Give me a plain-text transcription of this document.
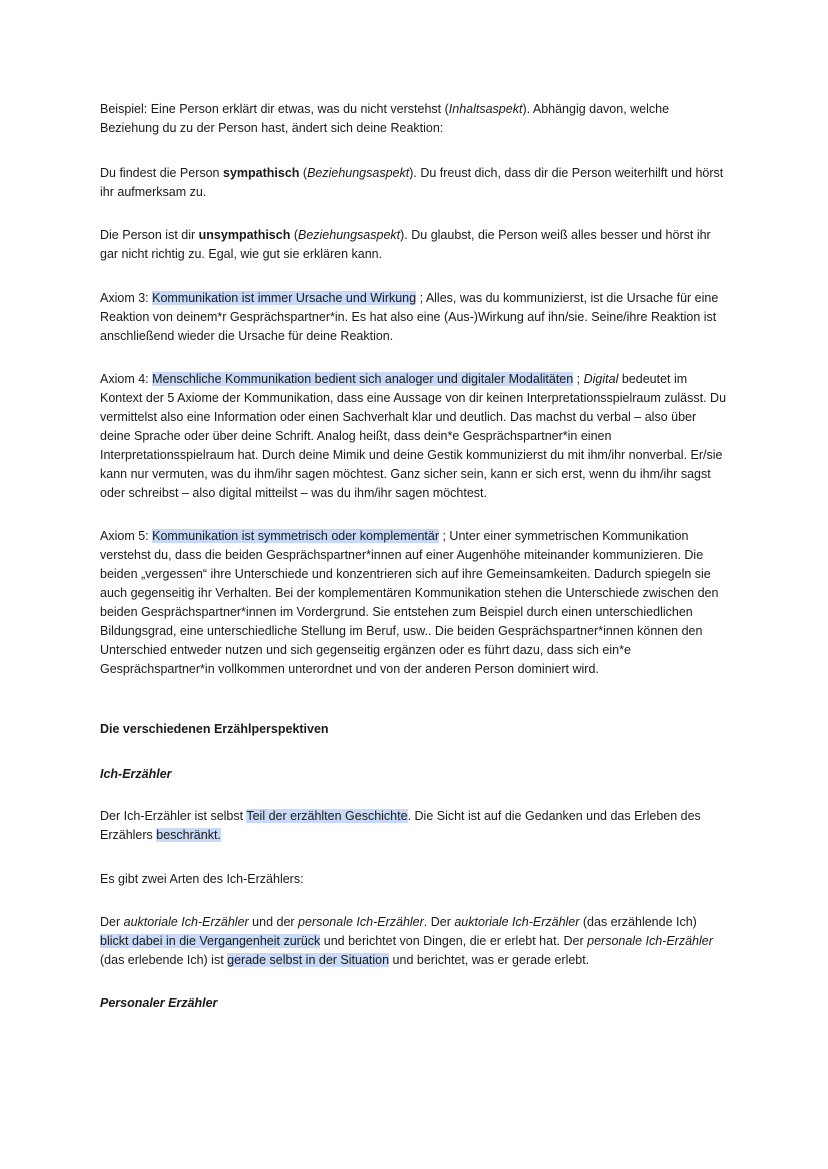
Beispiel: Eine Person erklärt dir etwas, was du nicht verstehst (Inhaltsaspekt). Abhängig davon, welche Beziehung du zu der Person hast, ändert sich deine Reaktion:

Du findest die Person sympathisch (Beziehungsaspekt). Du freust dich, dass dir die Person weiterhilft und hörst ihr aufmerksam zu.

Die Person ist dir unsympathisch (Beziehungsaspekt). Du glaubst, die Person weiß alles besser und hörst ihr gar nicht richtig zu. Egal, wie gut sie erklären kann.

Axiom 3: Kommunikation ist immer Ursache und Wirkung ; Alles, was du kommunizierst, ist die Ursache für eine Reaktion von deinem*r Gesprächspartner*in. Es hat also eine (Aus-)Wirkung auf ihn/sie. Seine/ihre Reaktion ist anschließend wieder die Ursache für deine Reaktion.

Axiom 4: Menschliche Kommunikation bedient sich analoger und digitaler Modalitäten ; Digital bedeutet im Kontext der 5 Axiome der Kommunikation, dass eine Aussage von dir keinen Interpretationsspielraum zulässt. Du vermittelst also eine Information oder einen Sachverhalt klar und deutlich. Das machst du verbal – also über deine Sprache oder über deine Schrift. Analog heißt, dass dein*e Gesprächspartner*in einen Interpretationsspielraum hat. Durch deine Mimik und deine Gestik kommunizierst du mit ihm/ihr nonverbal. Er/sie kann nur vermuten, was du ihm/ihr sagen möchtest. Ganz sicher sein, kann er sich erst, wenn du ihm/ihr sagst oder schreibst – also digital mitteilst – was du ihm/ihr sagen möchtest.

Axiom 5: Kommunikation ist symmetrisch oder komplementär ; Unter einer symmetrischen Kommunikation verstehst du, dass die beiden Gesprächspartner*innen auf einer Augenhöhe miteinander kommunizieren. Die beiden „vergessen“ ihre Unterschiede und konzentrieren sich auf ihre Gemeinsamkeiten. Dadurch spiegeln sie auch gegenseitig ihr Verhalten. Bei der komplementären Kommunikation stehen die Unterschiede zwischen den beiden Gesprächspartner*innen im Vordergrund. Sie entstehen zum Beispiel durch einen unterschiedlichen Bildungsgrad, eine unterschiedliche Stellung im Beruf, usw.. Die beiden Gesprächspartner*innen können den Unterschied entweder nutzen und sich gegenseitig ergänzen oder es führt dazu, dass sich ein*e Gesprächspartner*in vollkommen unterordnet und von der anderen Person dominiert wird.

Die verschiedenen Erzählperspektiven

Ich-Erzähler

Der Ich-Erzähler ist selbst Teil der erzählten Geschichte. Die Sicht ist auf die Gedanken und das Erleben des Erzählers beschränkt.

Es gibt zwei Arten des Ich-Erzählers:

Der auktoriale Ich-Erzähler und der personale Ich-Erzähler. Der auktoriale Ich-Erzähler (das erzählende Ich) blickt dabei in die Vergangenheit zurück und berichtet von Dingen, die er erlebt hat. Der personale Ich-Erzähler (das erlebende Ich) ist gerade selbst in der Situation und berichtet, was er gerade erlebt.

Personaler Erzähler
